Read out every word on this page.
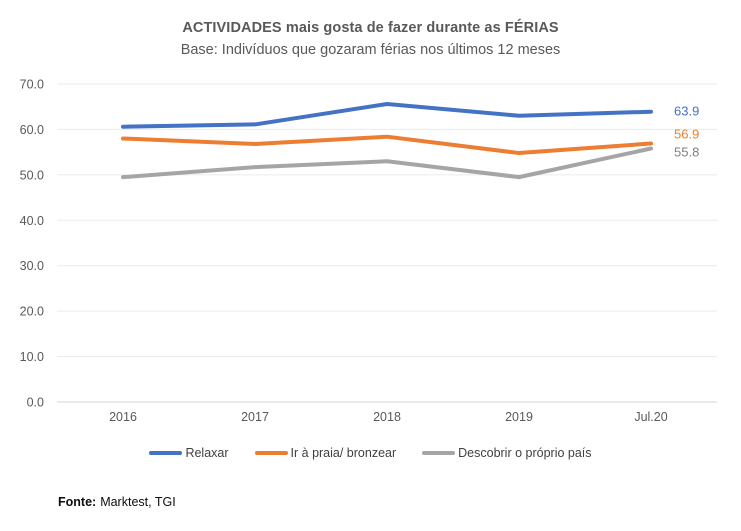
ACTIVIDADES mais gosta de fazer durante as FÉRIAS
Base: Indivíduos que gozaram férias nos últimos 12 meses
0.0
10.0
20.0
30.0
40.0
50.0
60.0
70.0
2016	2017	2018	2019	Jul.20
63.9
56.9
55.8
Relaxar	Ir à praia/ bronzear	Descobrir o próprio país
Fonte: Marktest, TGI
